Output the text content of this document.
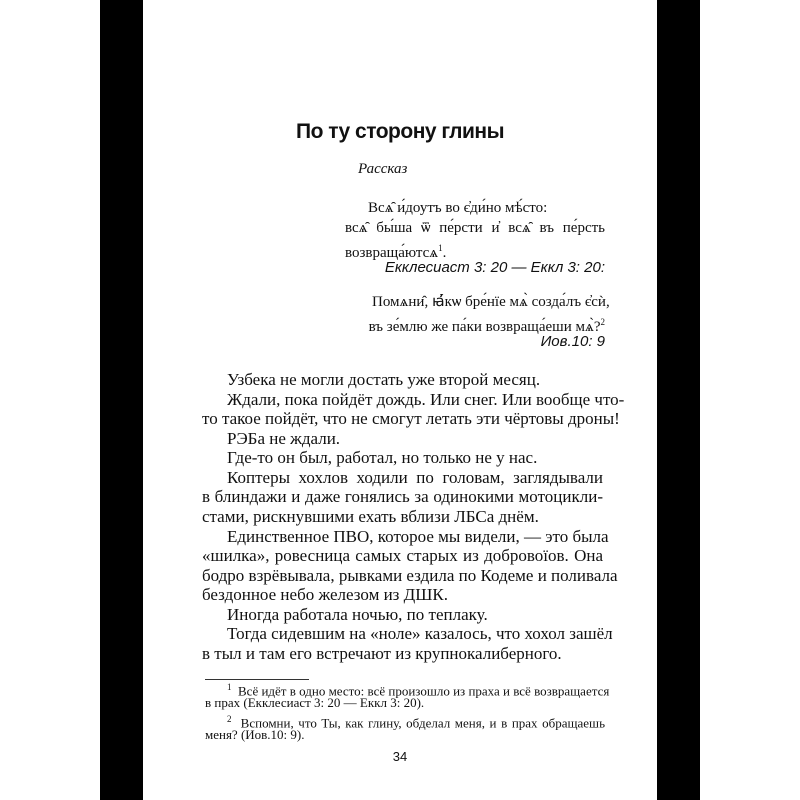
По ту сторону глины
Рассказ
Всѧ̑ и́доутъ во є҆ди́но мѣ́сто:
всѧ̑ бы́ша ѿ пе́рсти и҆ всѧ̑ въ пе́рсть
возвраща́ютсѧ$^1$.
Екклесиаст 3: 20 — Еккл 3: 20:
Помѧни̂, ꙗ҆́кѡ бре́нїе мѧ̀ созда́лъ є҆сѝ,
въ зе́млю же па́ки возвраща́еши мѧ̀?$^2$
Иов.10: 9
Узбека не могли достать уже второй месяц.
Ждали, пока пойдёт дождь. Или снег. Или вообще что-
то такое пойдёт, что не смогут летать эти чёртовы дроны!
РЭБа не ждали.
Где-то он был, работал, но только не у нас.
Коптеры хохлов ходили по головам, заглядывали
в блиндажи и даже гонялись за одинокими мотоцикли-
стами, рискнувшими ехать вблизи ЛБСа днём.
Единственное ПВО, которое мы видели, — это была
«шилка», ровесница самых старых из добровоїов. Она
бодро взрёвывала, рывками ездила по Кодеме и поливала
бездонное небо железом из ДШК.
Иногда работала ночью, по теплаку.
Тогда сидевшим на «ноле» казалось, что хохол зашёл
в тыл и там его встречают из крупнокалиберного.
$^1$ Всё идёт в одно место: всё произошло из праха и всё возвращается
в прах (Екклесиаст 3: 20 — Еккл 3: 20).
$^2$ Вспомни, что Ты, как глину, обделал меня, и в прах обращаешь
меня? (Иов.10: 9).
34
